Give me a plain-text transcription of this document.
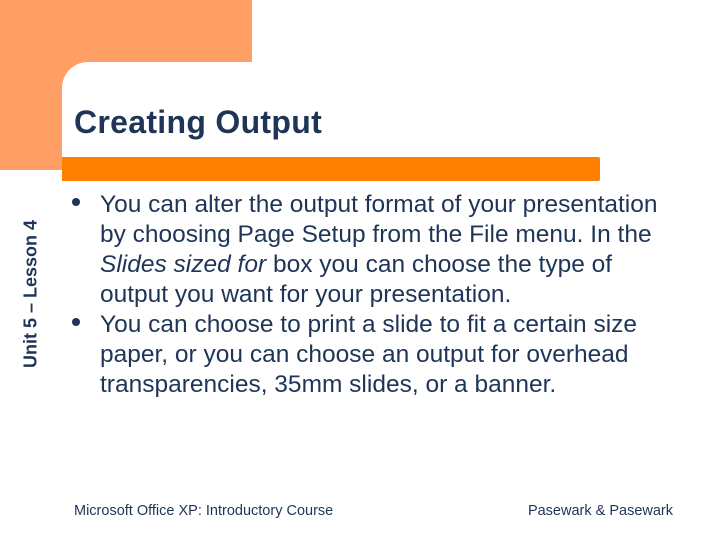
Creating Output
Unit 5 – Lesson 4
You can alter the output format of your presentation by choosing Page Setup from the File menu. In the Slides sized for box you can choose the type of output you want for your presentation.
You can choose to print a slide to fit a certain size paper, or you can choose an output for overhead transparencies, 35mm slides, or a banner.
Microsoft Office XP: Introductory Course	Pasewark & Pasewark
